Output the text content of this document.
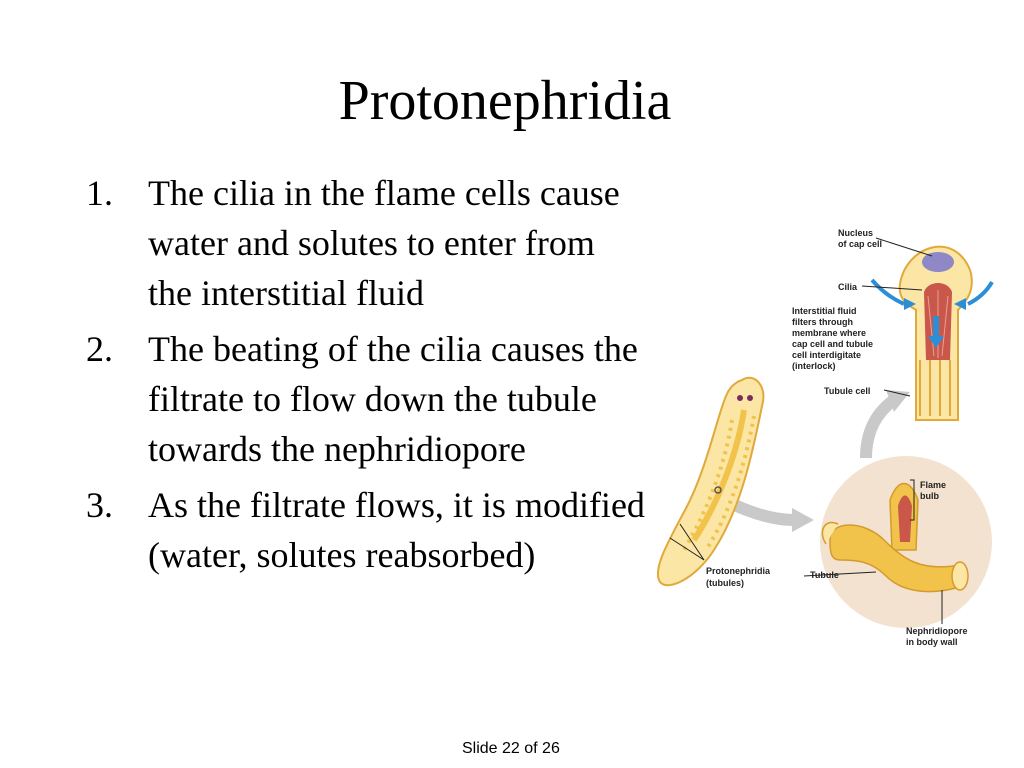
Protonephridia
1. The cilia in the flame cells cause water and solutes to enter from the interstitial fluid
2. The beating of the cilia causes the filtrate to flow down the tubule towards the nephridiopore
3. As the filtrate flows, it is modified (water, solutes reabsorbed)
Nucleus
of cap cell
Cilia
Interstitial fluid
filters through
membrane where
cap cell and tubule
cell interdigitate
(interlock)
Tubule cell
Flame
bulb
Tubule
Protonephridia
(tubules)
Nephridiopore
in body wall
Slide 22 of 26
